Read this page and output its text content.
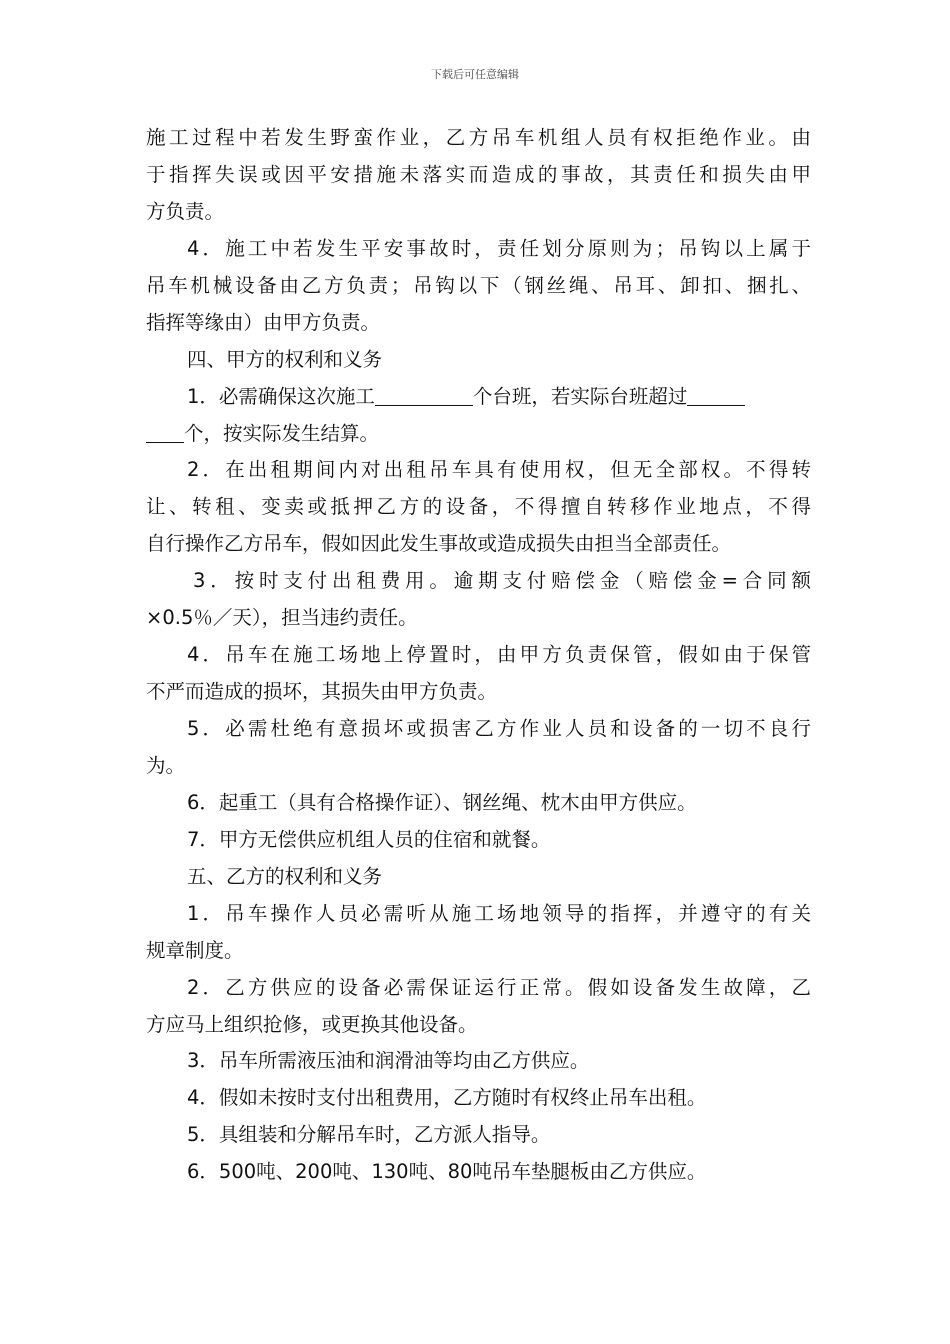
下载后可任意编辑
施工过程中若发生野蛮作业，乙方吊车机组人员有权拒绝作业。由
于指挥失误或因平安措施未落实而造成的事故，其责任和损失由甲
方负责。
4．施工中若发生平安事故时，责任划分原则为；吊钩以上属于
吊车机械设备由乙方负责；吊钩以下（钢丝绳、吊耳、卸扣、捆扎、
指挥等缘由）由甲方负责。
四、甲方的权利和义务
1．必需确保这次施工	个台班，若实际台班超过
个，按实际发生结算。
2．在出租期间内对出租吊车具有使用权，但无全部权。不得转
让、转租、变卖或抵押乙方的设备，不得擅自转移作业地点，不得
自行操作乙方吊车，假如因此发生事故或造成损失由担当全部责任。
3．按时支付出租费用。逾期支付赔偿金（赔偿金=合同额
×0.5％／天），担当违约责任。
4．吊车在施工场地上停置时，由甲方负责保管，假如由于保管
不严而造成的损坏，其损失由甲方负责。
5．必需杜绝有意损坏或损害乙方作业人员和设备的一切不良行
为。
6．起重工（具有合格操作证）、钢丝绳、枕木由甲方供应。
7．甲方无偿供应机组人员的住宿和就餐。
五、乙方的权利和义务
1．吊车操作人员必需听从施工场地领导的指挥，并遵守的有关
规章制度。
2．乙方供应的设备必需保证运行正常。假如设备发生故障，乙
方应马上组织抢修，或更换其他设备。
3．吊车所需液压油和润滑油等均由乙方供应。
4．假如未按时支付出租费用，乙方随时有权终止吊车出租。
5．具组装和分解吊车时，乙方派人指导。
6．500吨、200吨、130吨、80吨吊车垫腿板由乙方供应。
